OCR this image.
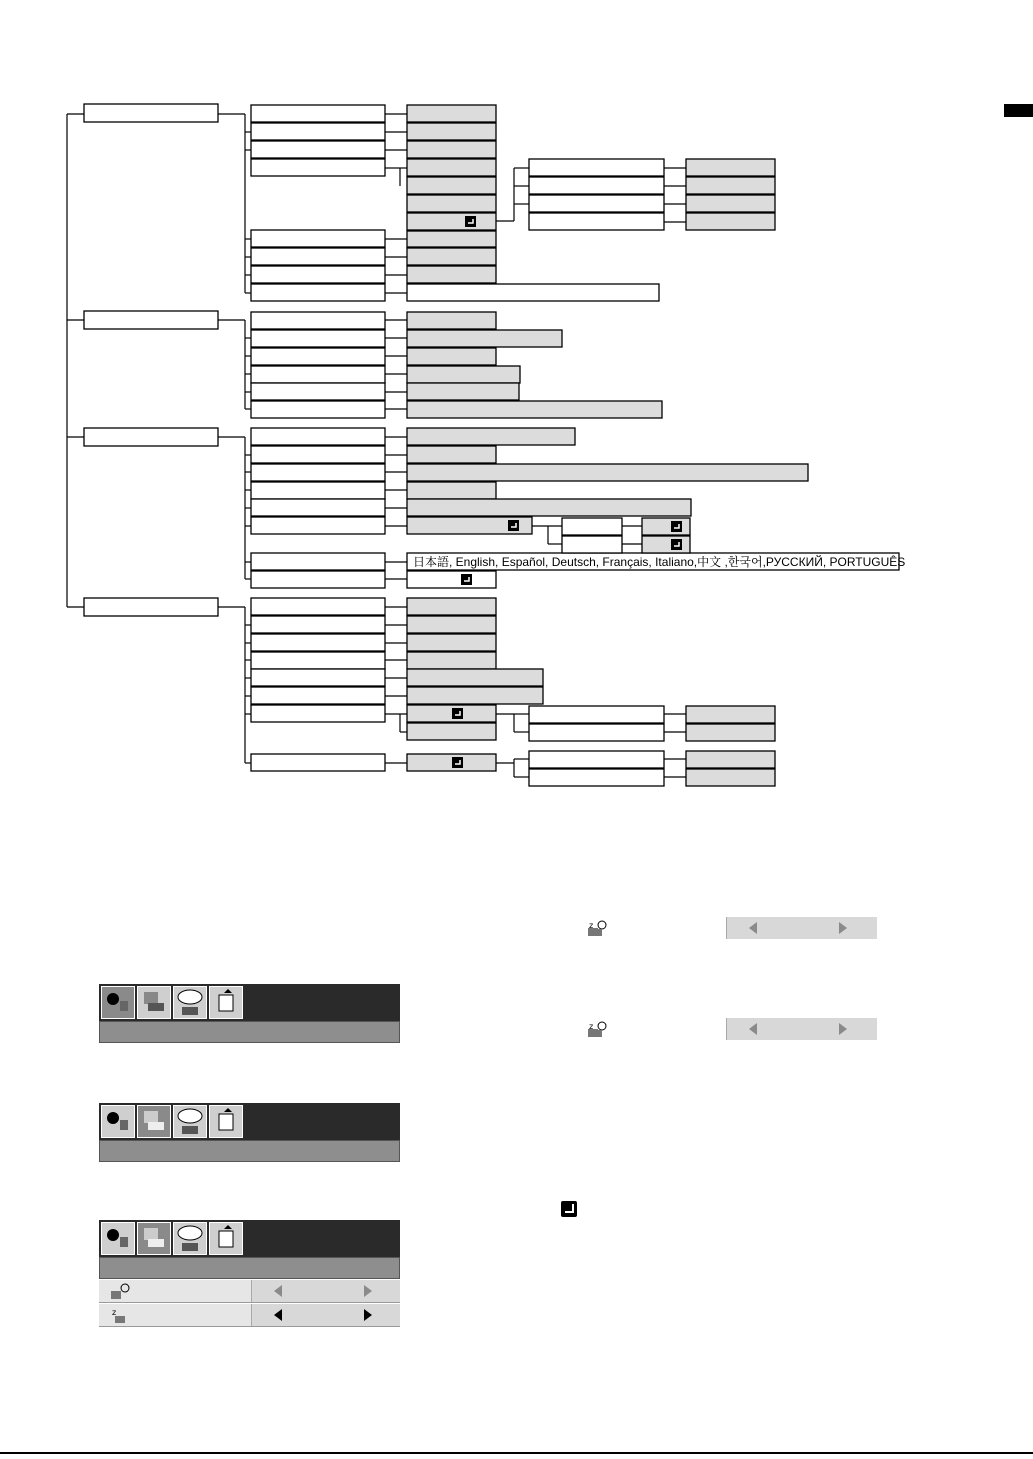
日本語, English, Español, Deutsch, Français, Italiano,中文 ,한국어,РУССКИЙ, PORTUGUÊS
z
z
z
